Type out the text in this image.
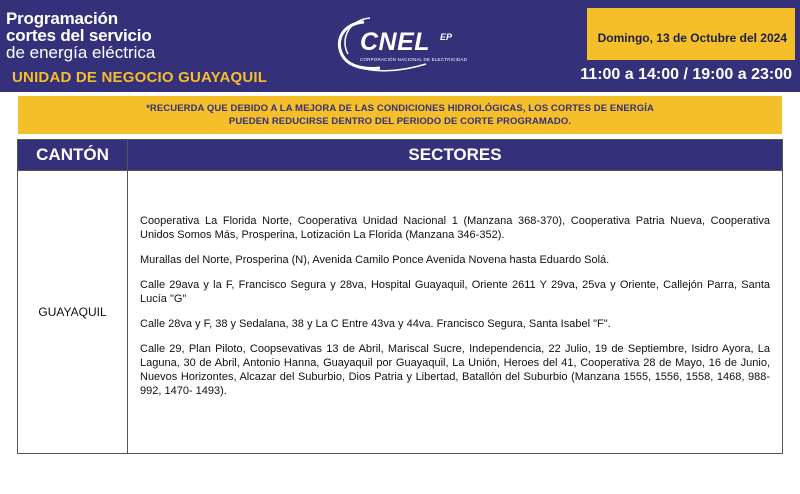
Programación
cortes del servicio
de energía eléctrica
UNIDAD DE NEGOCIO GUAYAQUIL
CNEL EP
CORPORACIÓN NACIONAL DE ELECTRICIDAD
Domingo, 13 de Octubre del 2024
11:00 a 14:00 / 19:00 a 23:00
*RECUERDA QUE DEBIDO A LA MEJORA DE LAS CONDICIONES HIDROLÓGICAS, LOS CORTES DE ENERGÍA
PUEDEN REDUCIRSE DENTRO DEL PERIODO DE CORTE PROGRAMADO.
CANTÓN	SECTORES
GUAYAQUIL	Cooperativa La Florida Norte, Cooperativa Unidad Nacional 1 (Manzana 368-370), Cooperativa Patria Nueva, Cooperativa Unidos Somos Más, Prosperina, Lotización La Florida (Manzana 346-352).

Murallas del Norte, Prosperina (N), Avenida Camilo Ponce Avenida Novena hasta Eduardo Solá.

Calle 29ava y la F, Francisco Segura y 28va, Hospital Guayaquil, Oriente 2611 Y 29va, 25va y Oriente, Callejón Parra, Santa Lucía "G"

Calle 28va y F, 38 y Sedalana, 38 y La C Entre 43va y 44va. Francisco Segura, Santa Isabel "F".

Calle 29, Plan Piloto, Coopsevativas 13 de Abril, Mariscal Sucre, Independencia, 22 Julio, 19 de Septiembre, Isidro Ayora, La Laguna, 30 de Abril, Antonio Hanna, Guayaquil por Guayaquil, La Unión, Heroes del 41, Cooperativa 28 de Mayo, 16 de Junio, Nuevos Horizontes, Alcazar del Suburbio, Dios Patria y Libertad, Batallón del Suburbio (Manzana 1555, 1556, 1558, 1468, 988-992, 1470- 1493).
